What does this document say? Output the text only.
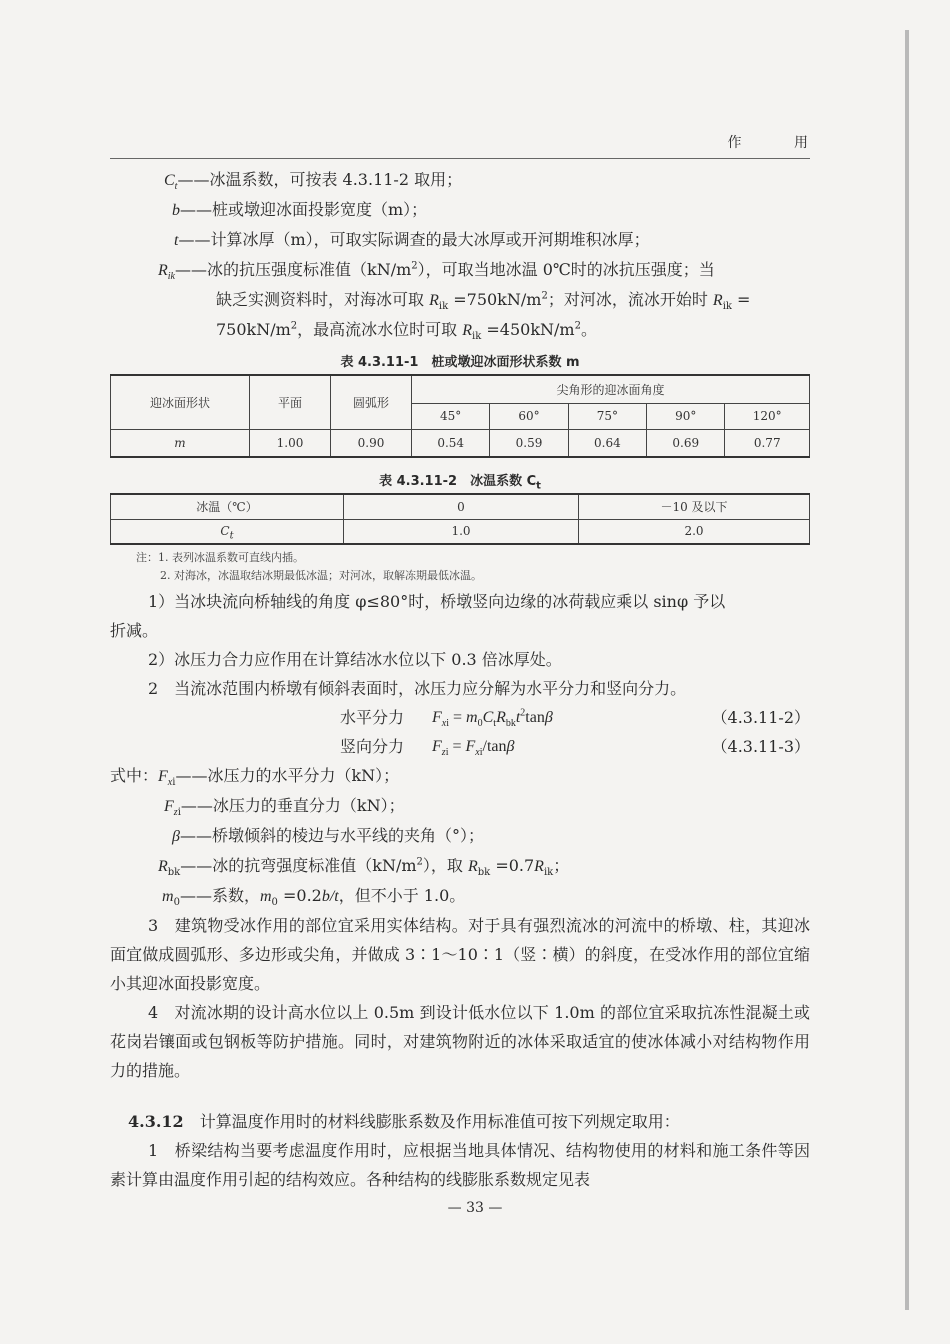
作 用
$C_t——$冰温系数，可按表 4.3.11-2 取用；
b——桩或墩迎冰面投影宽度（m）；
t——计算冰厚（m），可取实际调查的最大冰厚或开河期堆积冰厚；
$R_{ik}——$冰的抗压强度标准值$(kN/m^2)$，可取当地冰温 0℃时的冰抗压强度；当
缺乏实测资料时，对海冰可取 $R_{ik} =750kN/m^2$；对河冰，流冰开始时 $R_{ik}$ =
$750kN/m^2$，最高流冰水位时可取 $R_{ik} =450kN/m^2$。
表 4.3.11-1　桩或墩迎冰面形状系数 m
迎冰面形状	平面	圆弧形	尖角形的迎冰面角度				
			45°	60°	75°	90°	120°
m	1.00	0.90	0.54	0.59	0.64	0.69	0.77
表 4.3.11-2　冰温系数 $C_t$
冰温（℃）	0	－10 及以下
$C_t$	1.0	2.0
注：1. 表列冰温系数可直线内插。
2. 对海冰，冰温取结冰期最低冰温；对河冰，取解冻期最低冰温。
1）当冰块流向桥轴线的角度 φ≤80°时，桥墩竖向边缘的冰荷载应乘以 sinφ 予以
折减。
2）冰压力合力应作用在计算结冰水位以下 0.3 倍冰厚处。
2　当流冰范围内桥墩有倾斜表面时，冰压力应分解为水平分力和竖向分力。
水平分力 $F_{xi} = m_0C_tR_{bk}t^2\tan\beta$	（4.3.11-2）
竖向分力 $F_{zi} = F_{xi}/\tan\beta$	（4.3.11-3）
式中：$F_{xi}——$冰压力的水平分力（kN）；
$F_{zi}——$冰压力的垂直分力（kN）；
β——桥墩倾斜的棱边与水平线的夹角（°）；
$R_{bk}——$冰的抗弯强度标准值$(kN/m^2)$，取 $R_{bk} =0.7R_{ik}$；
$m_0——$系数，$m_0 =0.2b/t$，但不小于 1.0。
3　建筑物受冰作用的部位宜采用实体结构。对于具有强烈流冰的河流中的桥墩、柱，其迎冰面宜做成圆弧形、多边形或尖角，并做成 3∶1～10∶1（竖∶横）的斜度，在受冰作用的部位宜缩小其迎冰面投影宽度。
4　对流冰期的设计高水位以上 0.5m 到设计低水位以下 1.0m 的部位宜采取抗冻性混凝土或花岗岩镶面或包钢板等防护措施。同时，对建筑物附近的冰体采取适宜的使冰体减小对结构物作用力的措施。
4.3.12　 计算温度作用时的材料线膨胀系数及作用标准值可按下列规定取用：
1　桥梁结构当要考虑温度作用时，应根据当地具体情况、结构物使用的材料和施工条件等因素计算由温度作用引起的结构效应。各种结构的线膨胀系数规定见表
— 33 —
